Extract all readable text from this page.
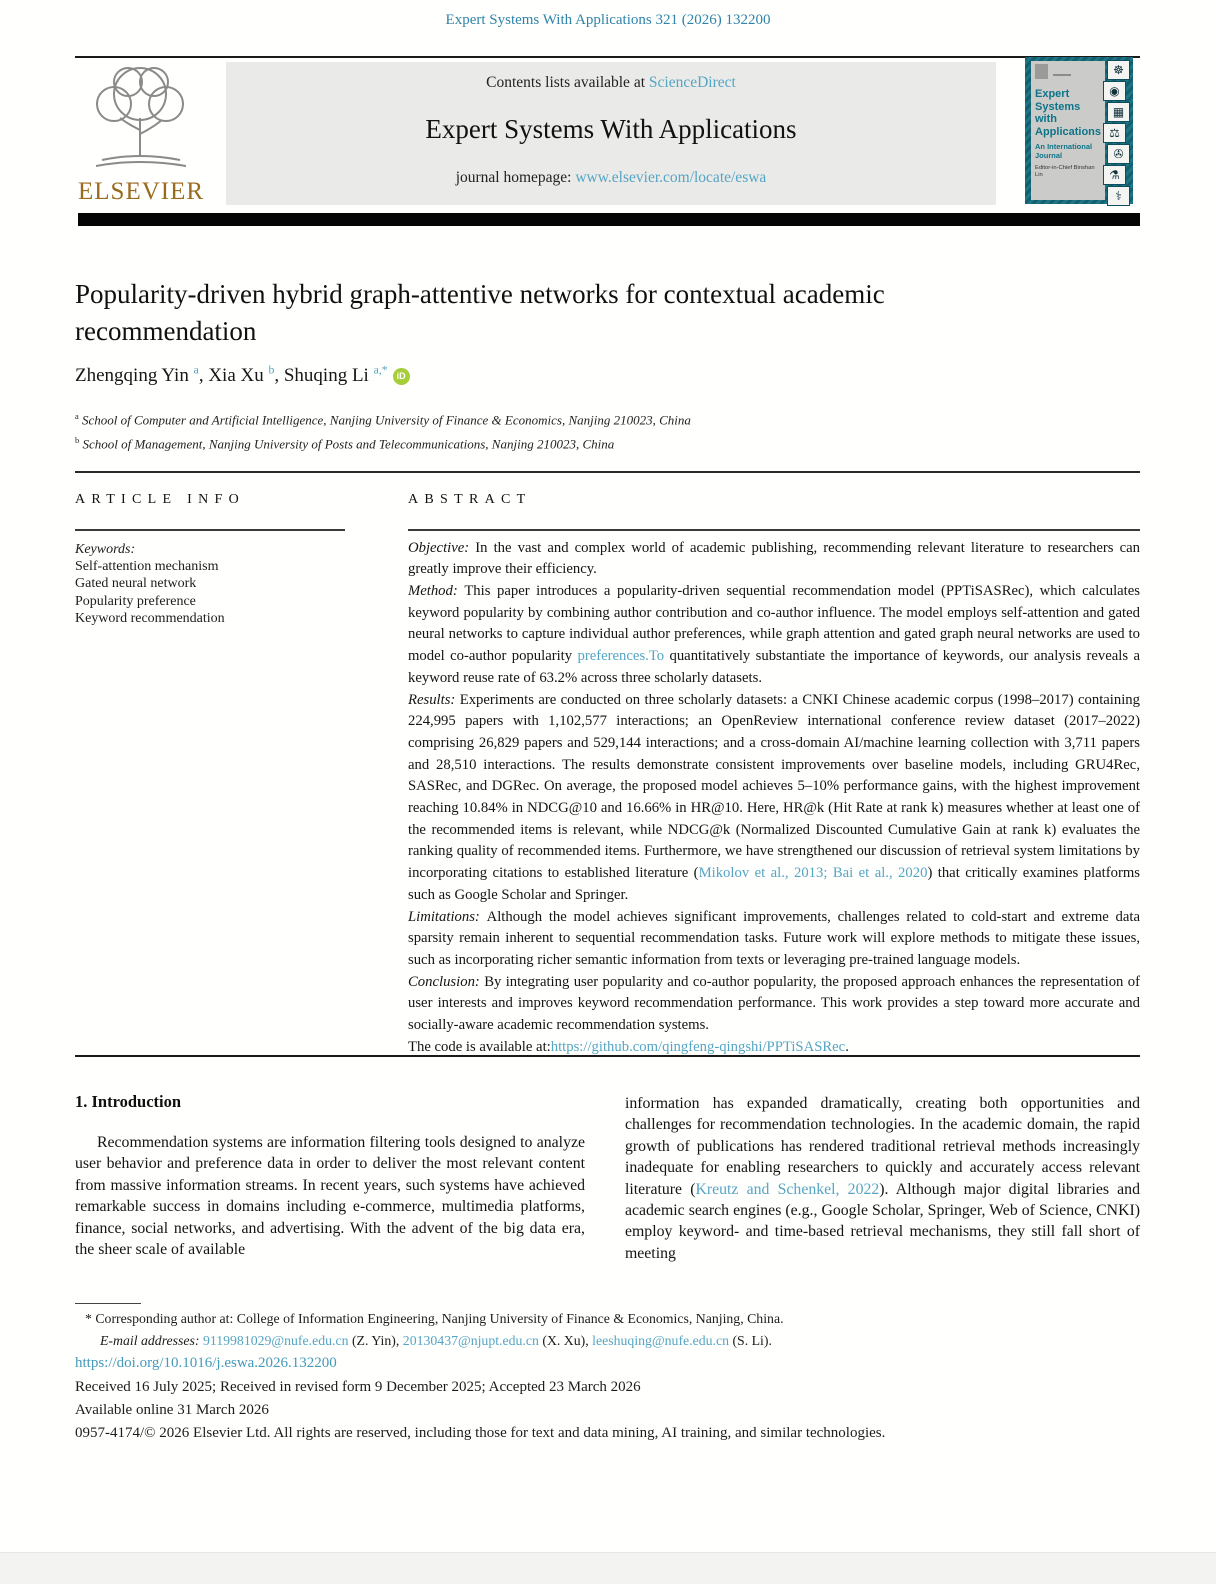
Expert Systems With Applications 321 (2026) 132200
ELSEVIER
Contents lists available at ScienceDirect
Expert Systems With Applications
journal homepage: www.elsevier.com/locate/eswa
Expert Systems with Applications
An International Journal
Editor-in-Chief Binshan Lin
☸
◉
▦
⚖
✇
⚗
⚕
Popularity-driven hybrid graph-attentive networks for contextual academic recommendation
Zhengqing Yin $^a$, Xia Xu $^b$, Shuqing Li $^{a,*}$ iD
$^a$ School of Computer and Artificial Intelligence, Nanjing University of Finance & Economics, Nanjing 210023, China
$^b$ School of Management, Nanjing University of Posts and Telecommunications, Nanjing 210023, China
ARTICLE INFO
Keywords:
Self-attention mechanism
Gated neural network
Popularity preference
Keyword recommendation
ABSTRACT

Objective: In the vast and complex world of academic publishing, recommending relevant literature to researchers can greatly improve their efficiency.

Method: This paper introduces a popularity-driven sequential recommendation model (PPTiSASRec), which calculates keyword popularity by combining author contribution and co-author influence. The model employs self-attention and gated neural networks to capture individual author preferences, while graph attention and gated graph neural networks are used to model co-author popularity preferences.To quantitatively substantiate the importance of keywords, our analysis reveals a keyword reuse rate of 63.2% across three scholarly datasets.

Results: Experiments are conducted on three scholarly datasets: a CNKI Chinese academic corpus (1998–2017) containing 224,995 papers with 1,102,577 interactions; an OpenReview international conference review dataset (2017–2022) comprising 26,829 papers and 529,144 interactions; and a cross-domain AI/machine learning collection with 3,711 papers and 28,510 interactions. The results demonstrate consistent improvements over baseline models, including GRU4Rec, SASRec, and DGRec. On average, the proposed model achieves 5–10% performance gains, with the highest improvement reaching 10.84% in NDCG@10 and 16.66% in HR@10. Here, HR@k (Hit Rate at rank k) measures whether at least one of the recommended items is relevant, while NDCG@k (Normalized Discounted Cumulative Gain at rank k) evaluates the ranking quality of recommended items. Furthermore, we have strengthened our discussion of retrieval system limitations by incorporating citations to established literature (Mikolov et al., 2013; Bai et al., 2020) that critically examines platforms such as Google Scholar and Springer.

Limitations: Although the model achieves significant improvements, challenges related to cold-start and extreme data sparsity remain inherent to sequential recommendation tasks. Future work will explore methods to mitigate these issues, such as incorporating richer semantic information from texts or leveraging pre-trained language models.

Conclusion: By integrating user popularity and co-author popularity, the proposed approach enhances the representation of user interests and improves keyword recommendation performance. This work provides a step toward more accurate and socially-aware academic recommendation systems.

The code is available at:https://github.com/qingfeng-qingshi/PPTiSASRec.

1. Introduction
Recommendation systems are information filtering tools designed to analyze user behavior and preference data in order to deliver the most relevant content from massive information streams. In recent years, such systems have achieved remarkable success in domains including e-commerce, multimedia platforms, finance, social networks, and advertising. With the advent of the big data era, the sheer scale of available
information has expanded dramatically, creating both opportunities and challenges for recommendation technologies. In the academic domain, the rapid growth of publications has rendered traditional retrieval methods increasingly inadequate for enabling researchers to quickly and accurately access relevant literature (Kreutz and Schenkel, 2022). Although major digital libraries and academic search engines (e.g., Google Scholar, Springer, Web of Science, CNKI) employ keyword- and time-based retrieval mechanisms, they still fall short of meeting
* Corresponding author at: College of Information Engineering, Nanjing University of Finance & Economics, Nanjing, China.
E-mail addresses: 9119981029@nufe.edu.cn (Z. Yin), 20130437@njupt.edu.cn (X. Xu), leeshuqing@nufe.edu.cn (S. Li).
https://doi.org/10.1016/j.eswa.2026.132200
Received 16 July 2025; Received in revised form 9 December 2025; Accepted 23 March 2026
Available online 31 March 2026
0957-4174/© 2026 Elsevier Ltd. All rights are reserved, including those for text and data mining, AI training, and similar technologies.
